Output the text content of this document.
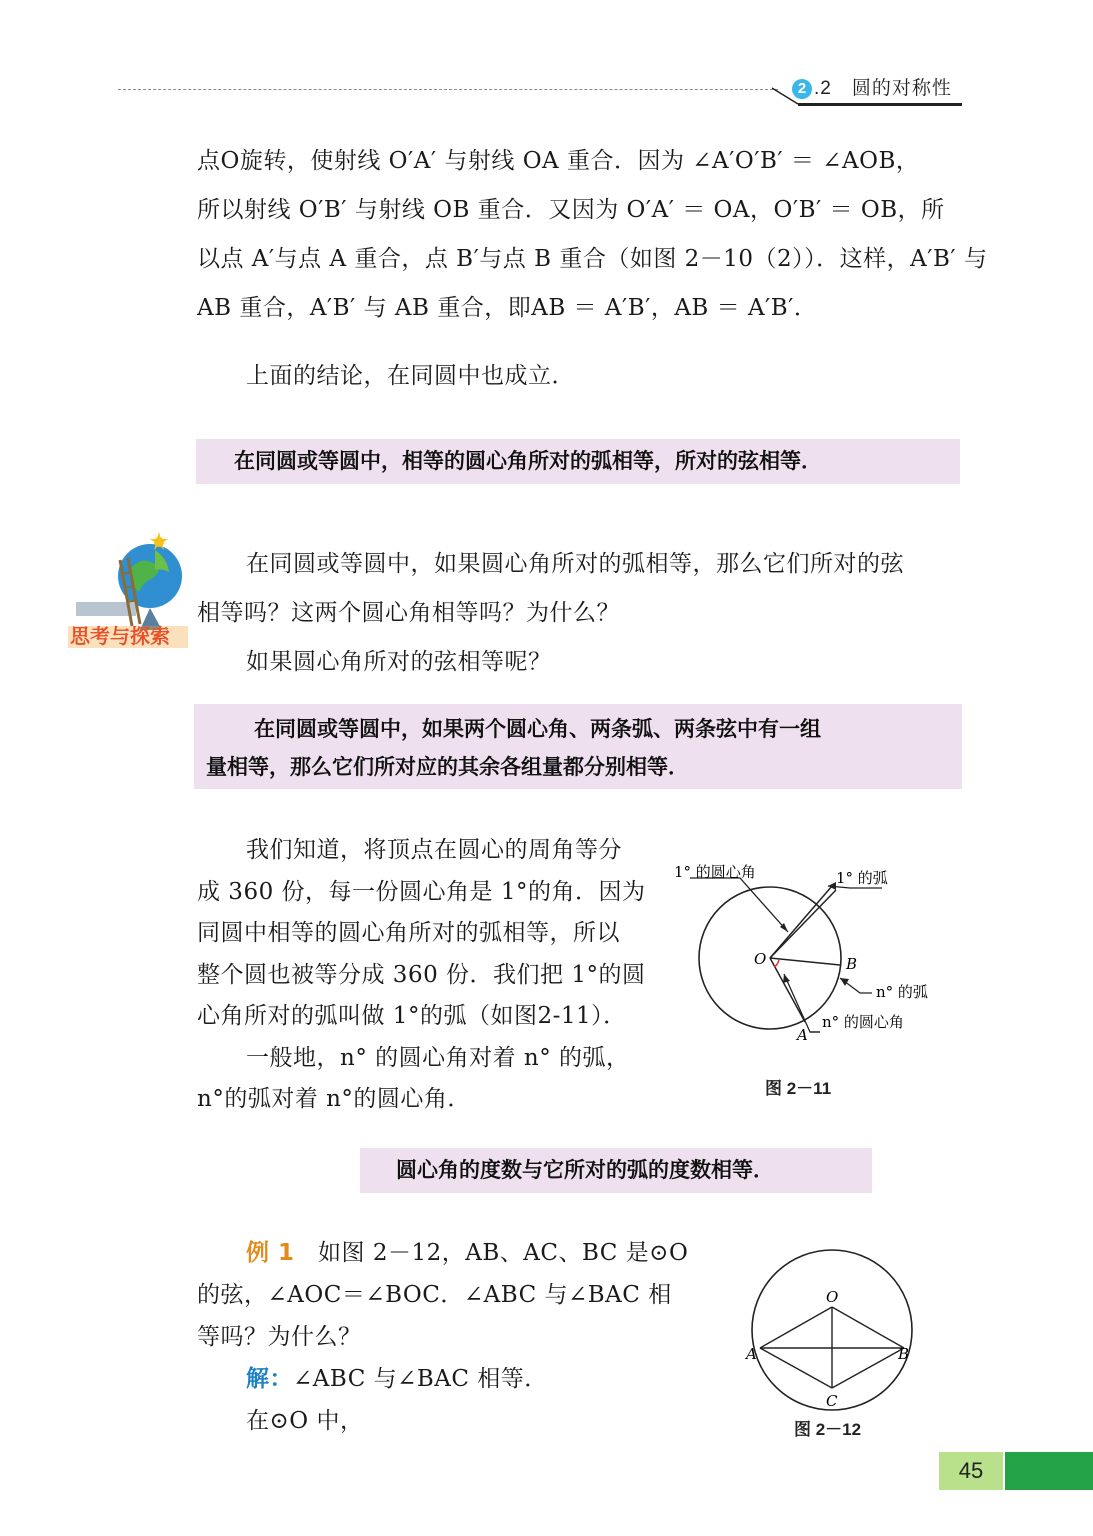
2 .2　圆的对称性

点O旋转，使射线 O′A′ 与射线 OA 重合．因为 ∠A′O′B′ ＝ ∠AOB，

所以射线 O′B′ 与射线 OB 重合．又因为 O′A′ ＝ OA，O′B′ ＝ OB，所

以点 A′与点 A 重合，点 B′与点 B 重合（如图 2－10（2））．这样，A′B′ 与

AB 重合，A′B′ 与 AB 重合，即AB ＝ A′B′，AB ＝ A′B′．

上面的结论，在同圆中也成立．

在同圆或等圆中，相等的圆心角所对的弧相等，所对的弦相等．

思考与探索

在同圆或等圆中，如果圆心角所对的弧相等，那么它们所对的弦

相等吗？这两个圆心角相等吗？为什么？

如果圆心角所对的弦相等呢？

在同圆或等圆中，如果两个圆心角、两条弧、两条弦中有一组

量相等，那么它们所对应的其余各组量都分别相等．

我们知道，将顶点在圆心的周角等分

成 360 份，每一份圆心角是 1°的角．因为

同圆中相等的圆心角所对的弧相等，所以

整个圆也被等分成 360 份．我们把 1°的圆

心角所对的弧叫做 1°的弧（如图2-11）．

一般地，n° 的圆心角对着 n° 的弧，

n°的弧对着 n°的圆心角．

1° 的圆心角	1° 的弧
n° 的弧
n° 的圆心角
O	B
A
图 2－11

圆心角的度数与它所对的弧的度数相等．

例 1　 如图 2－12，AB、AC、BC 是⊙O

的弦，∠AOC＝∠BOC．∠ABC 与∠BAC 相

等吗？为什么？

解：∠ABC 与∠BAC 相等．

在⊙O 中，

O
A	B
C
图 2－12
45
